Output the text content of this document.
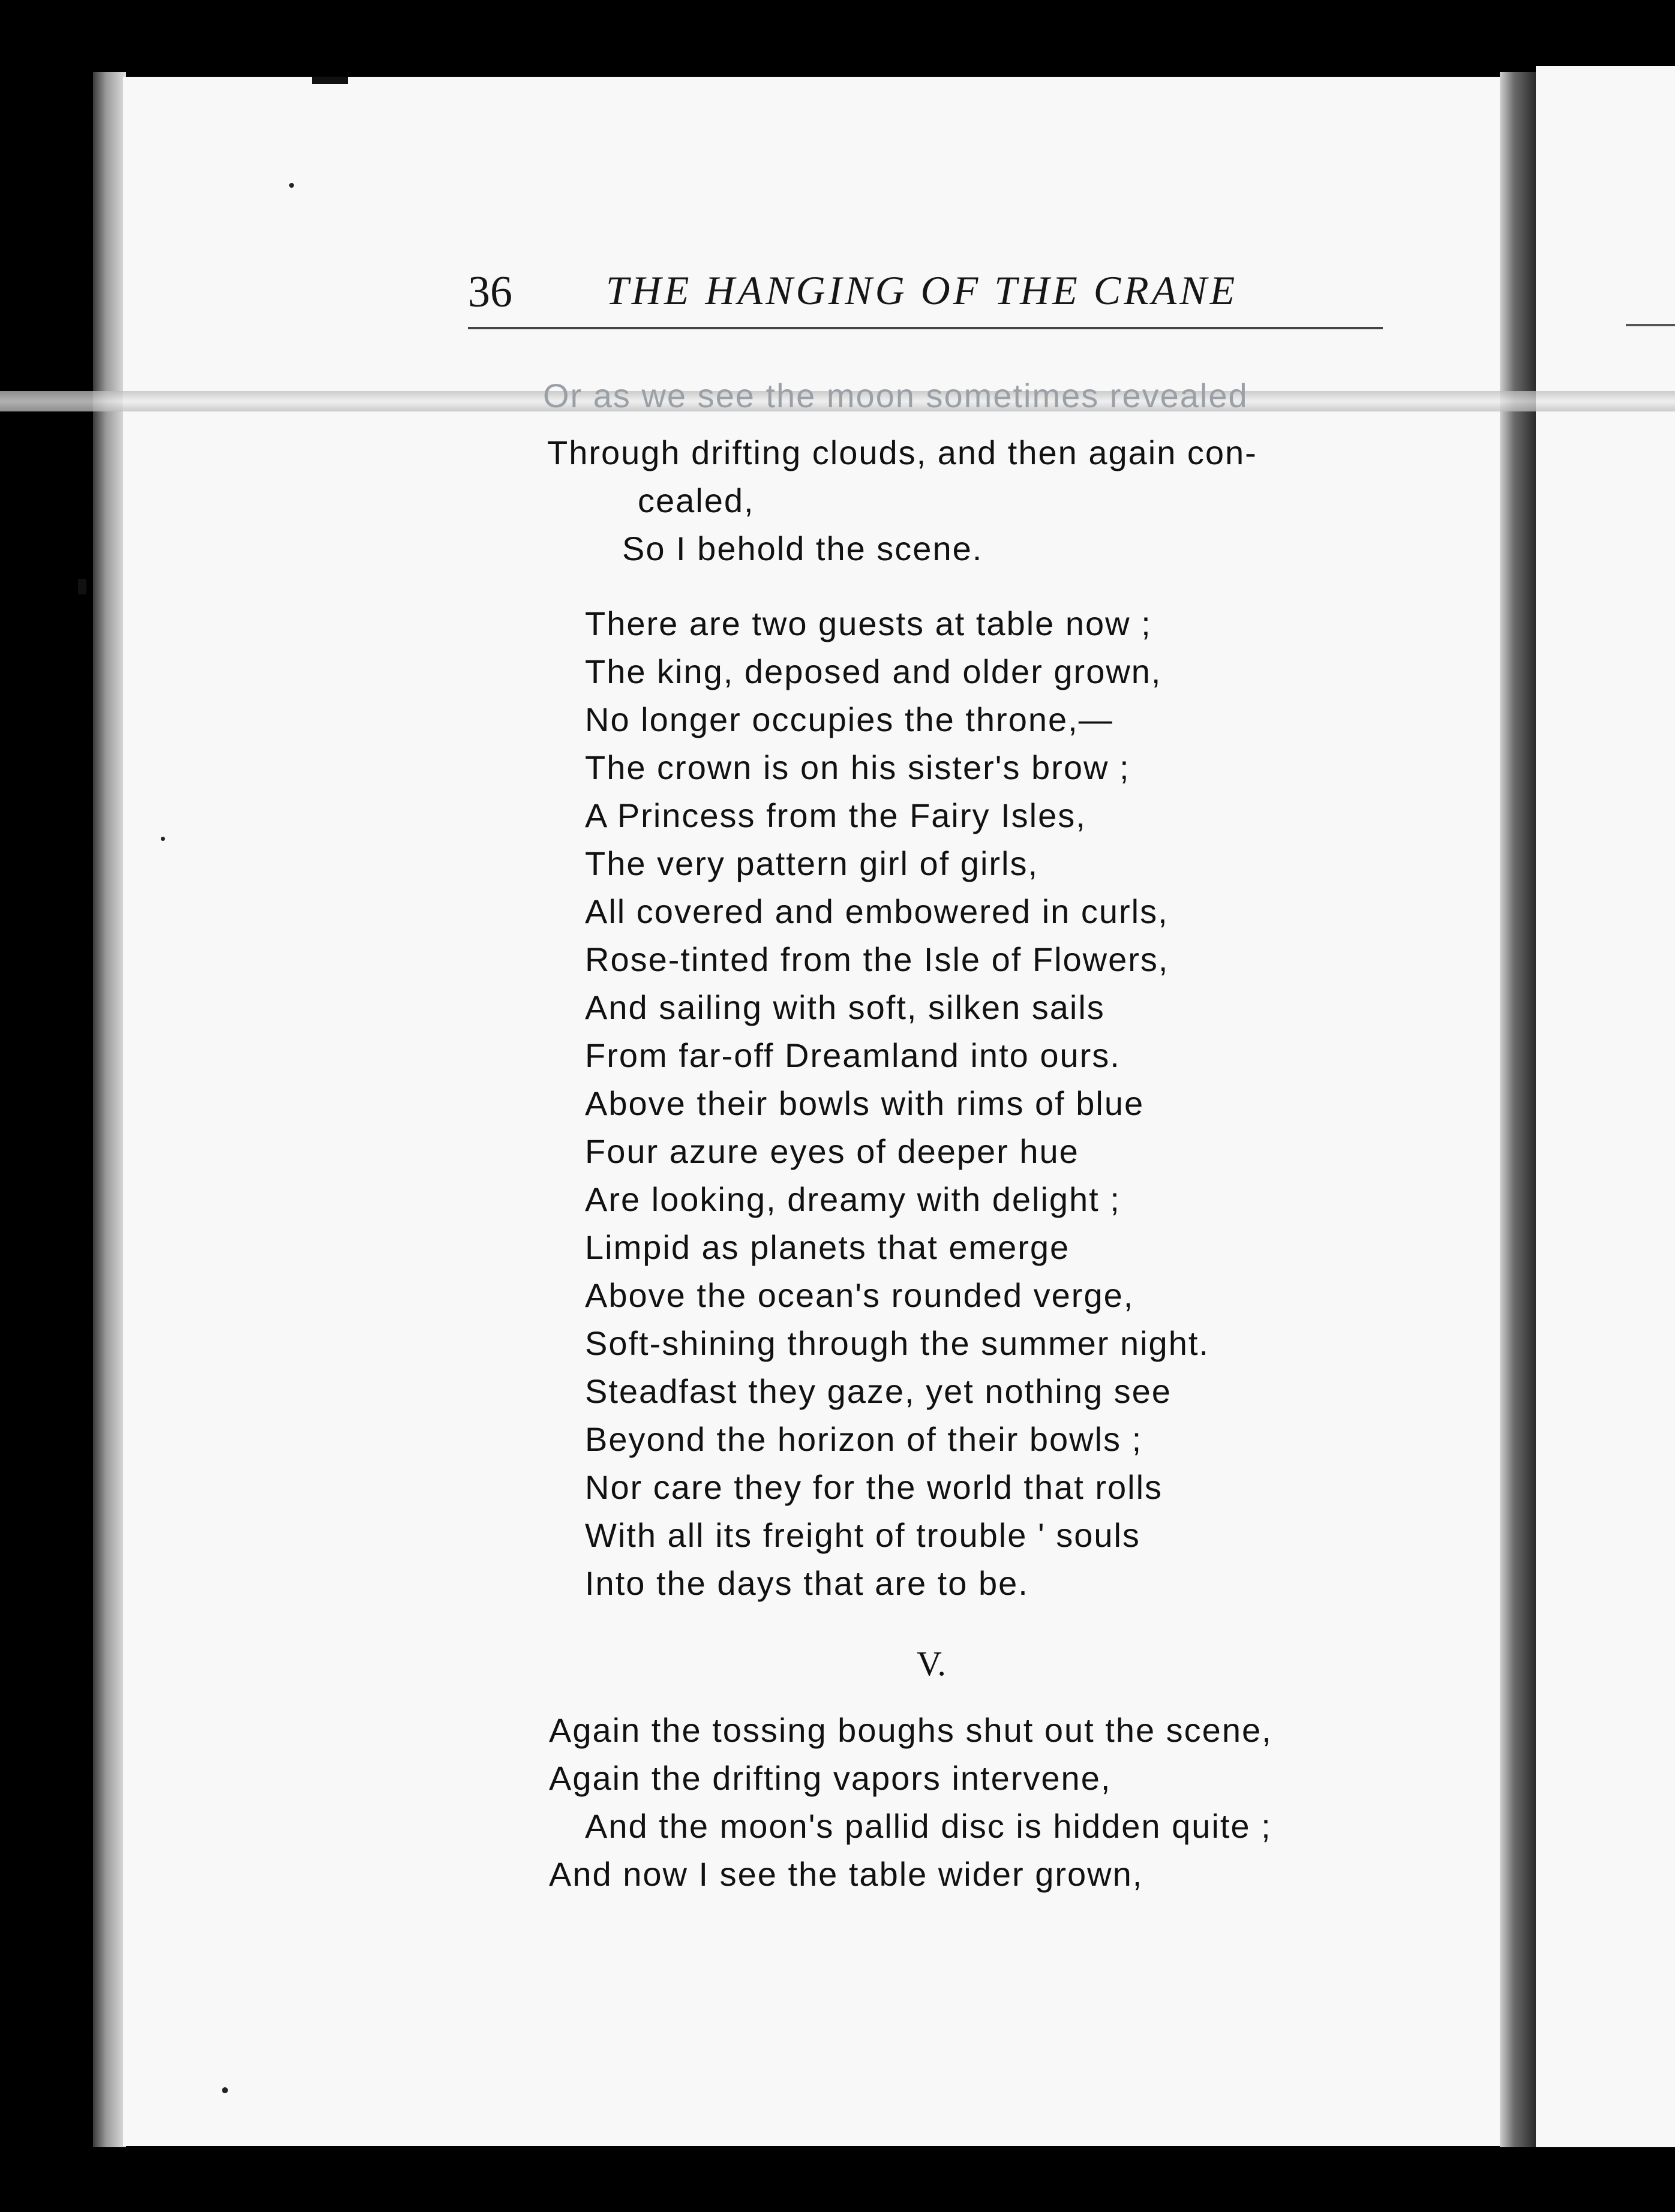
36 THE HANGING OF THE CRANE
Or as we see the moon sometimes revealed
Through drifting clouds, and then again con-
cealed,
So I behold the scene.
There are two guests at table now ;
The king, deposed and older grown,
No longer occupies the throne,—
The crown is on his sister's brow ;
A Princess from the Fairy Isles,
The very pattern girl of girls,
All covered and embowered in curls,
Rose-tinted from the Isle of Flowers,
And sailing with soft, silken sails
From far-off Dreamland into ours.
Above their bowls with rims of blue
Four azure eyes of deeper hue
Are looking, dreamy with delight ;
Limpid as planets that emerge
Above the ocean's rounded verge,
Soft-shining through the summer night.
Steadfast they gaze, yet nothing see
Beyond the horizon of their bowls ;
Nor care they for the world that rolls
With all its freight of trouble ' souls
Into the days that are to be.
Again the tossing boughs shut out the scene,
Again the drifting vapors intervene,
And the moon's pallid disc is hidden quite ;
And now I see the table wider grown,
V.
